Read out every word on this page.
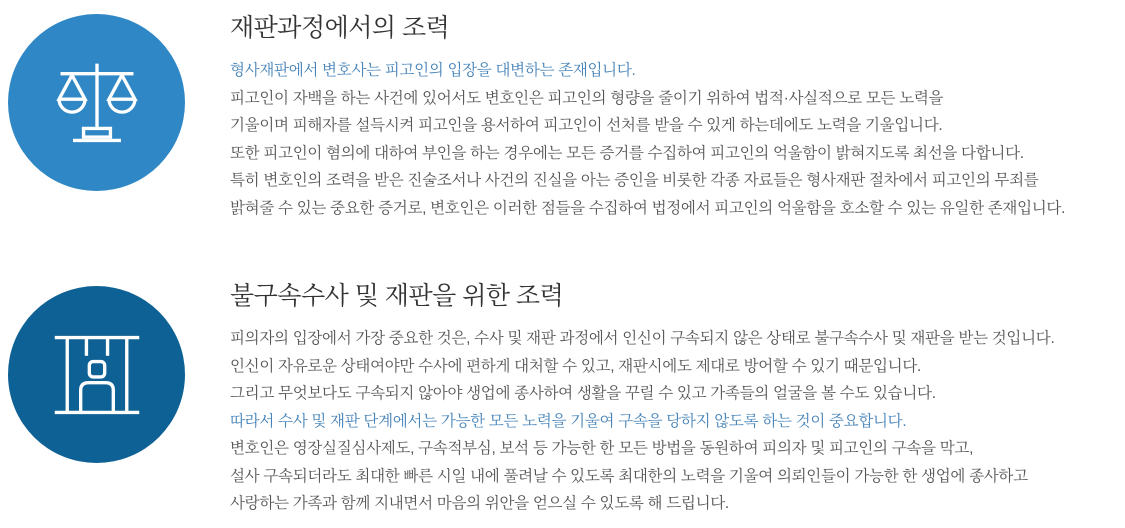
재판과정에서의 조력
형사재판에서 변호사는 피고인의 입장을 대변하는 존재입니다.
피고인이 자백을 하는 사건에 있어서도 변호인은 피고인의 형량을 줄이기 위하여 법적·사실적으로 모든 노력을
기울이며 피해자를 설득시켜 피고인을 용서하여 피고인이 선처를 받을 수 있게 하는데에도 노력을 기울입니다.
또한 피고인이 혐의에 대하여 부인을 하는 경우에는 모든 증거를 수집하여 피고인의 억울함이 밝혀지도록 최선을 다합니다.
특히 변호인의 조력을 받은 진술조서나 사건의 진실을 아는 증인을 비롯한 각종 자료들은 형사재판 절차에서 피고인의 무죄를
밝혀줄 수 있는 중요한 증거로, 변호인은 이러한 점들을 수집하여 법정에서 피고인의 억울함을 호소할 수 있는 유일한 존재입니다.
불구속수사 및 재판을 위한 조력
피의자의 입장에서 가장 중요한 것은, 수사 및 재판 과정에서 인신이 구속되지 않은 상태로 불구속수사 및 재판을 받는 것입니다.
인신이 자유로운 상태여야만 수사에 편하게 대처할 수 있고, 재판시에도 제대로 방어할 수 있기 때문입니다.
그리고 무엇보다도 구속되지 않아야 생업에 종사하여 생활을 꾸릴 수 있고 가족들의 얼굴을 볼 수도 있습니다.
따라서 수사 및 재판 단계에서는 가능한 모든 노력을 기울여 구속을 당하지 않도록 하는 것이 중요합니다.
변호인은 영장실질심사제도, 구속적부심, 보석 등 가능한 한 모든 방법을 동원하여 피의자 및 피고인의 구속을 막고,
설사 구속되더라도 최대한 빠른 시일 내에 풀려날 수 있도록 최대한의 노력을 기울여 의뢰인들이 가능한 한 생업에 종사하고
사랑하는 가족과 함께 지내면서 마음의 위안을 얻으실 수 있도록 해 드립니다.
